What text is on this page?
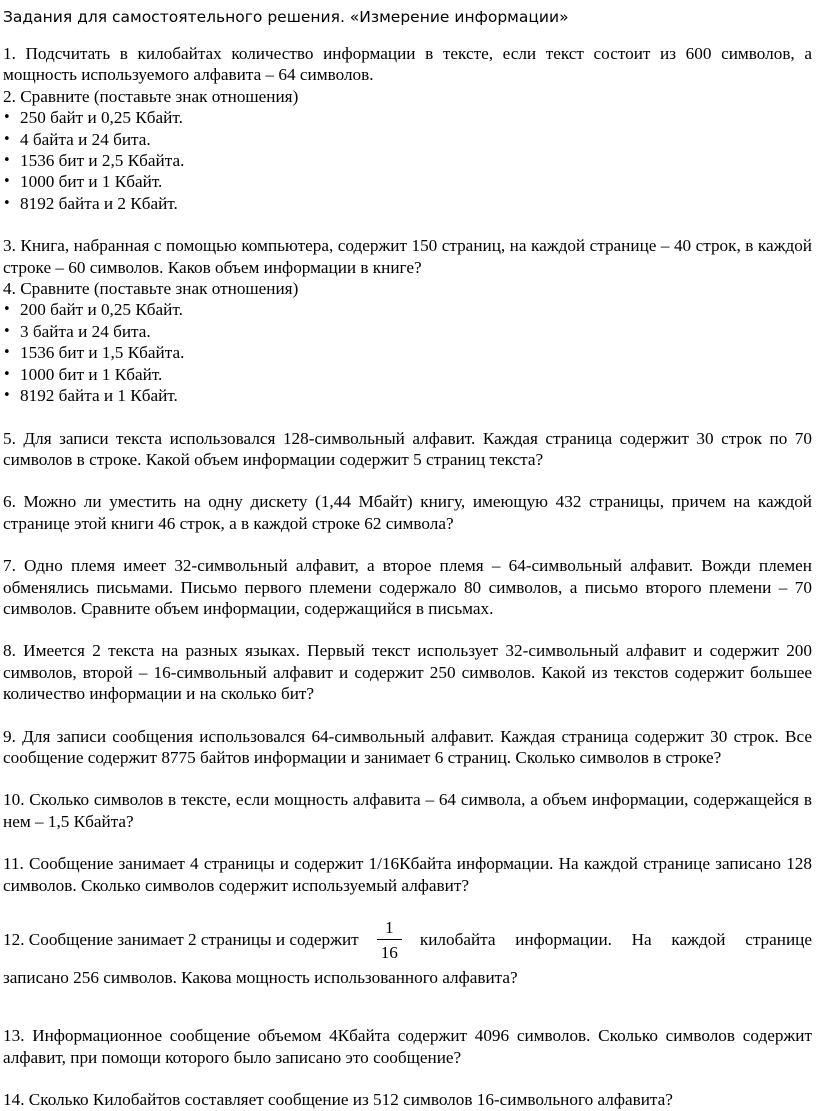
Задания для самостоятельного решения. «Измерение информации»

1. Подсчитать в килобайтах количество информации в тексте, если текст состоит из 600 символов, а мощность используемого алфавита – 64 символов.

2. Сравните (поставьте знак отношения)
• 250 байт и 0,25 Кбайт.
• 4 байта и 24 бита.
• 1536 бит и 2,5 Кбайта.
• 1000 бит и 1 Кбайт.
• 8192 байта и 2 Кбайт.

3. Книга, набранная с помощью компьютера, содержит 150 страниц, на каждой странице – 40 строк, в каждой строке – 60 символов. Каков объем информации в книге?

4. Сравните (поставьте знак отношения)
• 200 байт и 0,25 Кбайт.
• 3 байта и 24 бита.
• 1536 бит и 1,5 Кбайта.
• 1000 бит и 1 Кбайт.
• 8192 байта и 1 Кбайт.

5. Для записи текста использовался 128-символьный алфавит. Каждая страница содержит 30 строк по 70 символов в строке. Какой объем информации содержит 5 страниц текста?

6. Можно ли уместить на одну дискету (1,44 Мбайт) книгу, имеющую 432 страницы, причем на каждой странице этой книги 46 строк, а в каждой строке 62 символа?

7. Одно племя имеет 32-символьный алфавит, а второе племя – 64-символьный алфавит. Вожди племен обменялись письмами. Письмо первого племени содержало 80 символов, а письмо второго племени – 70 символов. Сравните объем информации, содержащийся в письмах.

8. Имеется 2 текста на разных языках. Первый текст использует 32-символьный алфавит и содержит 200 символов, второй – 16-символьный алфавит и содержит 250 символов. Какой из текстов содержит большее количество информации и на сколько бит?

9. Для записи сообщения использовался 64-символьный алфавит. Каждая страница содержит 30 строк. Все сообщение содержит 8775 байтов информации и занимает 6 страниц. Сколько символов в строке?

10. Сколько символов в тексте, если мощность алфавита – 64 символа, а объем информации, содержащейся в нем – 1,5 Кбайта?

11. Сообщение занимает 4 страницы и содержит 1/16Кбайта информации. На каждой странице записано 128 символов. Сколько символов содержит используемый алфавит?

12. Сообщение занимает 2 страницы и содержит $\frac{1}{16}$ килобайта информации. На каждой странице
записано 256 символов. Какова мощность использованного алфавита?

13. Информационное сообщение объемом 4Кбайта содержит 4096 символов. Сколько символов содержит алфавит, при помощи которого было записано это сообщение?

14. Сколько Килобайтов составляет сообщение из 512 символов 16-символьного алфавита?
